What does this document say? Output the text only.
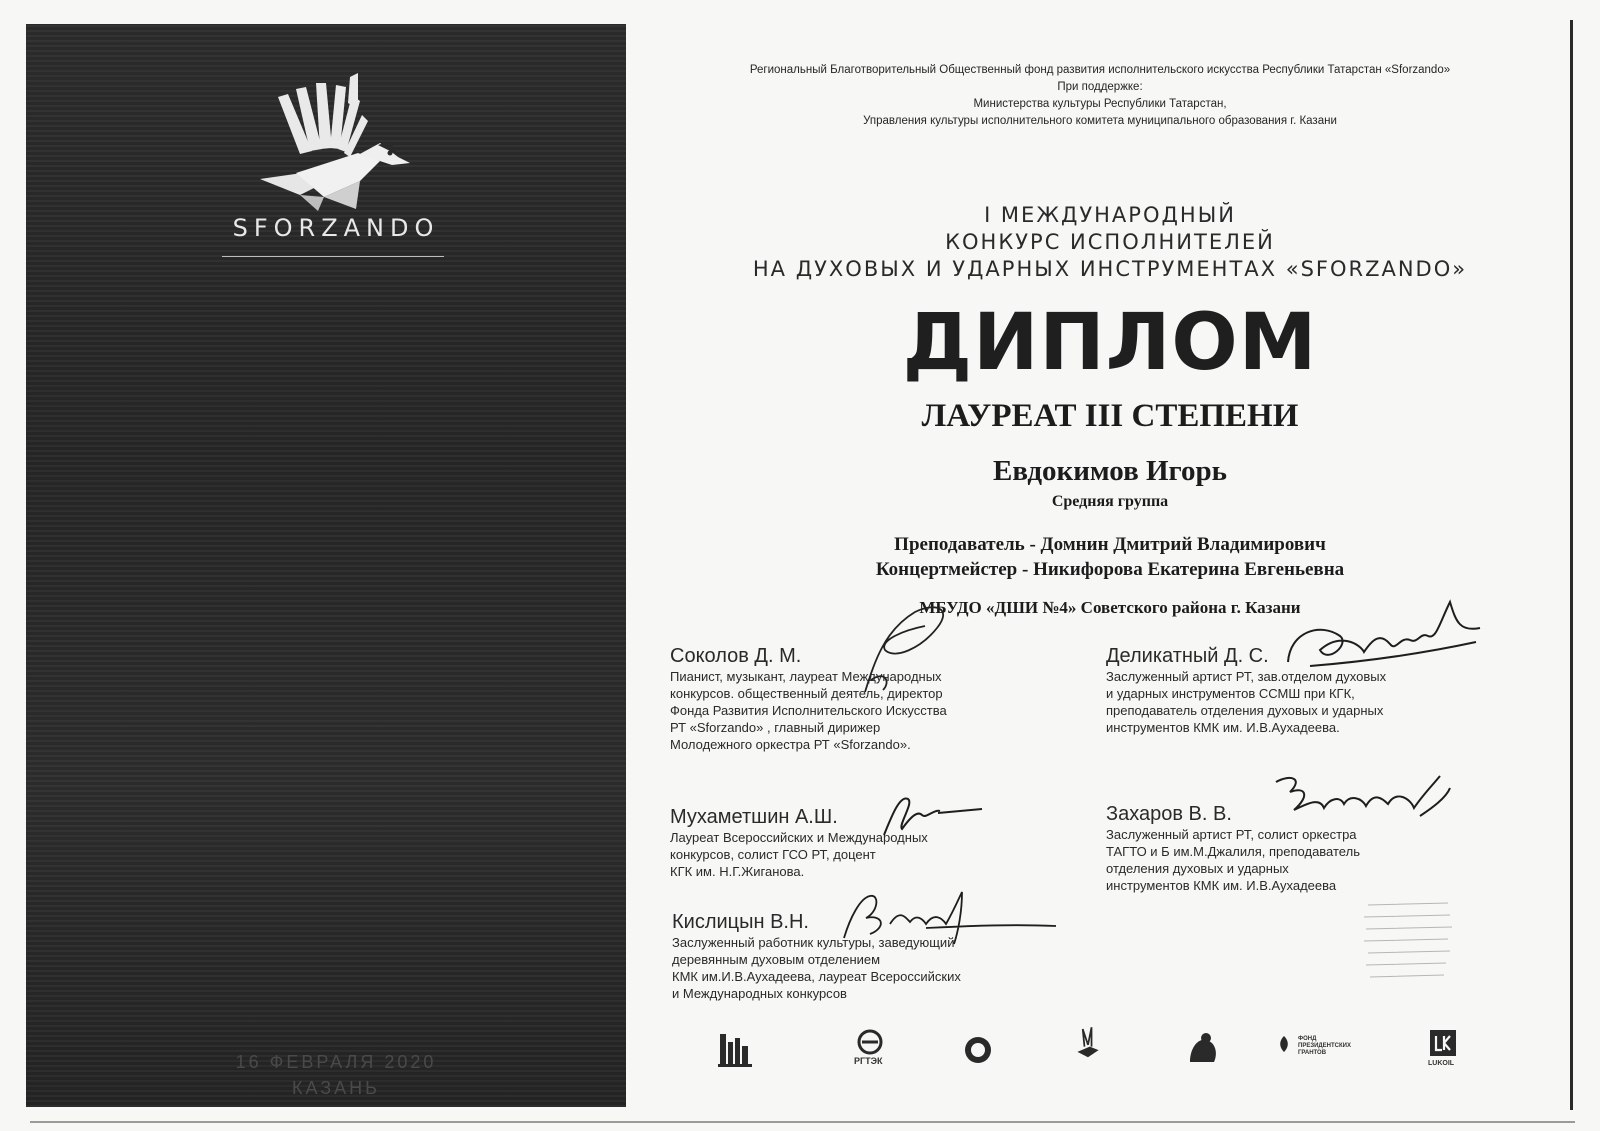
SFORZANDO
16 ФЕВРАЛЯ 2020
КАЗАНЬ
Региональный Благотворительный Общественный фонд развития исполнительского искусства Республики Татарстан «Sforzando»
При поддержке:
Министерства культуры Республики Татарстан,
Управления культуры исполнительного комитета муниципального образования г. Казани
I МЕЖДУНАРОДНЫЙ
КОНКУРС ИСПОЛНИТЕЛЕЙ
НА ДУХОВЫХ И УДАРНЫХ ИНСТРУМЕНТАХ «SFORZANDO»
ДИПЛОМ
ЛАУРЕАТ III СТЕПЕНИ
Евдокимов Игорь
Средняя группа
Преподаватель - Домнин Дмитрий Владимирович
Концертмейстер - Никифорова Екатерина Евгеньевна
МБУДО «ДШИ №4» Советского района г. Казани
Соколов Д. М.
Пианист, музыкант, лауреат Международных
конкурсов. общественный деятель, директор
Фонда Развития Исполнительского Искусства
РТ «Sforzando» , главный дирижер
Молодежного оркестра РТ «Sforzando».
Деликатный Д. С.
Заслуженный артист РТ, зав.отделом духовых
и ударных инструментов ССМШ при КГК,
преподаватель отделения духовых и ударных
инструментов КМК им. И.В.Аухадеева.
Мухаметшин А.Ш.
Лауреат Всероссийских и Международных
конкурсов, солист ГСО РТ, доцент
КГК им. Н.Г.Жиганова.
Захаров В. В.
Заслуженный артист РТ, солист оркестра
ТАГТО и Б им.М.Джалиля, преподаватель
отделения духовых и ударных
инструментов КМК им. И.В.Аухадеева
Кислицын В.Н.
Заслуженный работник культуры, заведующий
деревянным духовым отделением
КМК им.И.В.Аухадеева, лауреат Всероссийских
и Международных конкурсов
РГТЭК
ФОНД
ПРЕЗИДЕНТСКИХ
ГРАНТОВ
LUKOIL
